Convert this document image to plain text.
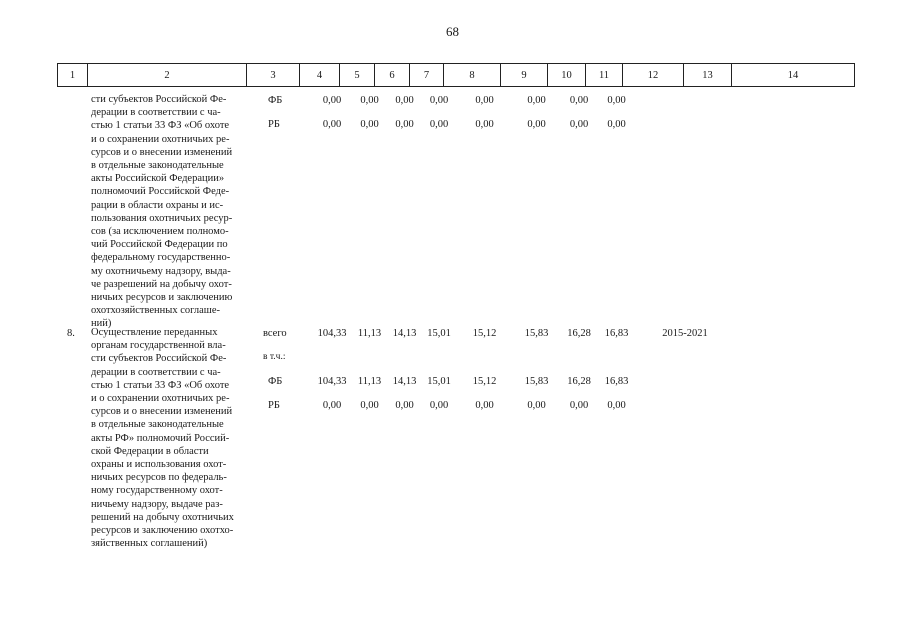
68
1	2	3	4	5	6	7	8	9	10	11	12	13	14
сти субъектов Российской Фе-
дерации в соответствии с ча-
стью 1 статьи 33 ФЗ «Об охоте
и о сохранении охотничьих ре-
сурсов и о внесении изменений
в отдельные законодательные
акты Российской Федерации»
полномочий Российской Феде-
рации в области охраны и ис-
пользования охотничьих ресур-
сов (за исключением полномо-
чий Российской Федерации по
федеральному государственно-
му охотничьему надзору, выда-
че разрешений на добычу охот-
ничьих ресурсов и заключению
охотхозяйственных соглаше-
ний)
ФБ	0,00	0,00	0,00	0,00	0,00	0,00	0,00	0,00
РБ	0,00	0,00	0,00	0,00	0,00	0,00	0,00	0,00
8. Осуществление переданных
органам государственной вла-
сти субъектов Российской Фе-
дерации в соответствии с ча-
стью 1 статьи 33 ФЗ «Об охоте
и о сохранении охотничьих ре-
сурсов и о внесении изменений
в отдельные законодательные
акты РФ» полномочий Россий-
ской Федерации в области
охраны и использования охот-
ничьих ресурсов по федераль-
ному государственному охот-
ничьему надзору, выдаче раз-
решений на добычу охотничьих
ресурсов и заключению охотхо-
зяйственных соглашений)
всего	104,33	11,13	14,13	15,01	15,12	15,83	16,28	16,83	2015-2021
в т.ч.:
ФБ	104,33	11,13	14,13	15,01	15,12	15,83	16,28	16,83
РБ	0,00	0,00	0,00	0,00	0,00	0,00	0,00	0,00
